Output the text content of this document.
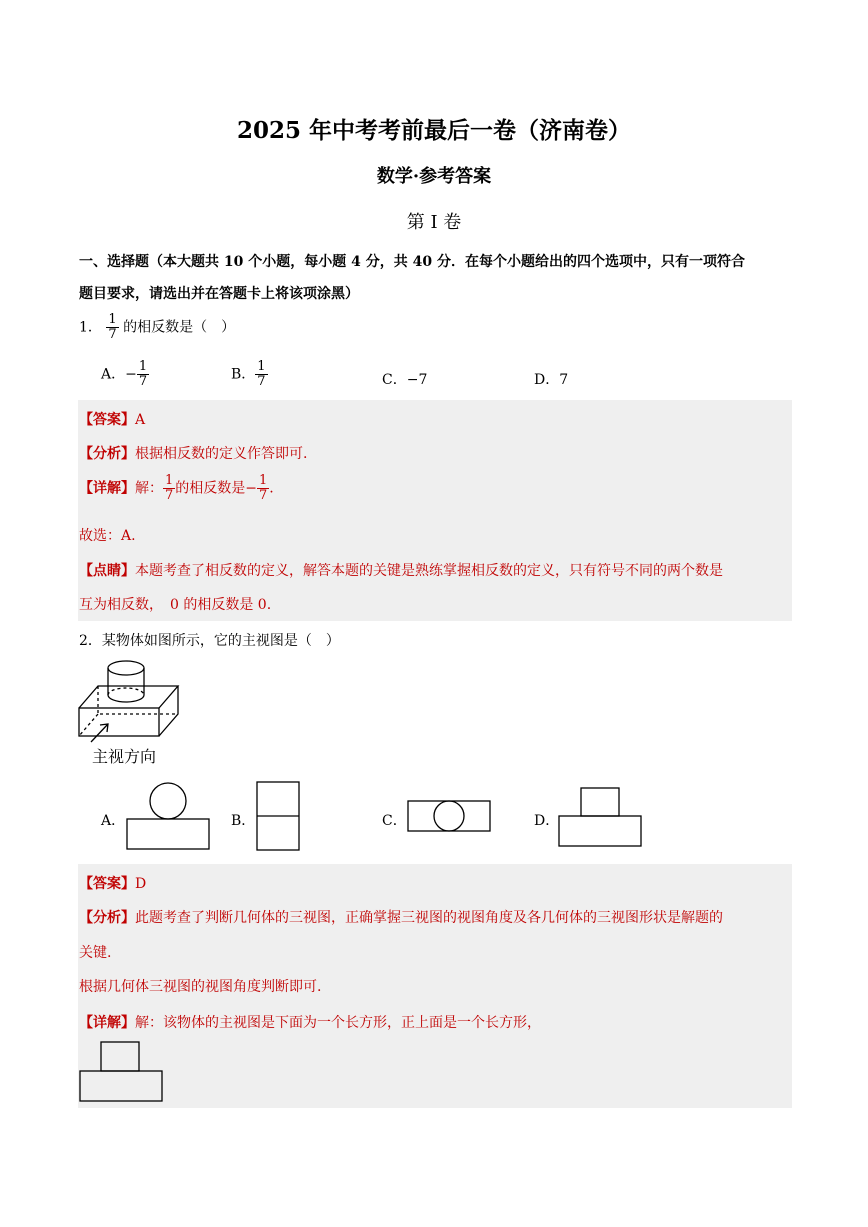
2025 年中考考前最后一卷（济南卷）
数学·参考答案
第 I 卷
一、选择题（本大题共 10 个小题，每小题 4 分，共 40 分．在每个小题给出的四个选项中，只有一项符合
题目要求，请选出并在答题卡上将该项涂黑）
1． $\frac{1}{7}$ 的相反数是（　）
A．− $\frac{1}{7}$	B． $\frac{1}{7}$	C．−7	D．7
【答案】A
【分析】根据相反数的定义作答即可.
【详解】解： $\frac{1}{7}$ 的相反数是− $\frac{1}{7}$ .
故选：A.
【点睛】本题考查了相反数的定义，解答本题的关键是熟练掌握相反数的定义，只有符号不同的两个数是
互为相反数，　0 的相反数是 0.
2．某物体如图所示，它的主视图是（　）
主视方向
A．	B．	C．	D．
【答案】D
【分析】此题考查了判断几何体的三视图，正确掌握三视图的视图角度及各几何体的三视图形状是解题的
关键.
根据几何体三视图的视图角度判断即可.
【详解】解：该物体的主视图是下面为一个长方形，正上面是一个长方形，
